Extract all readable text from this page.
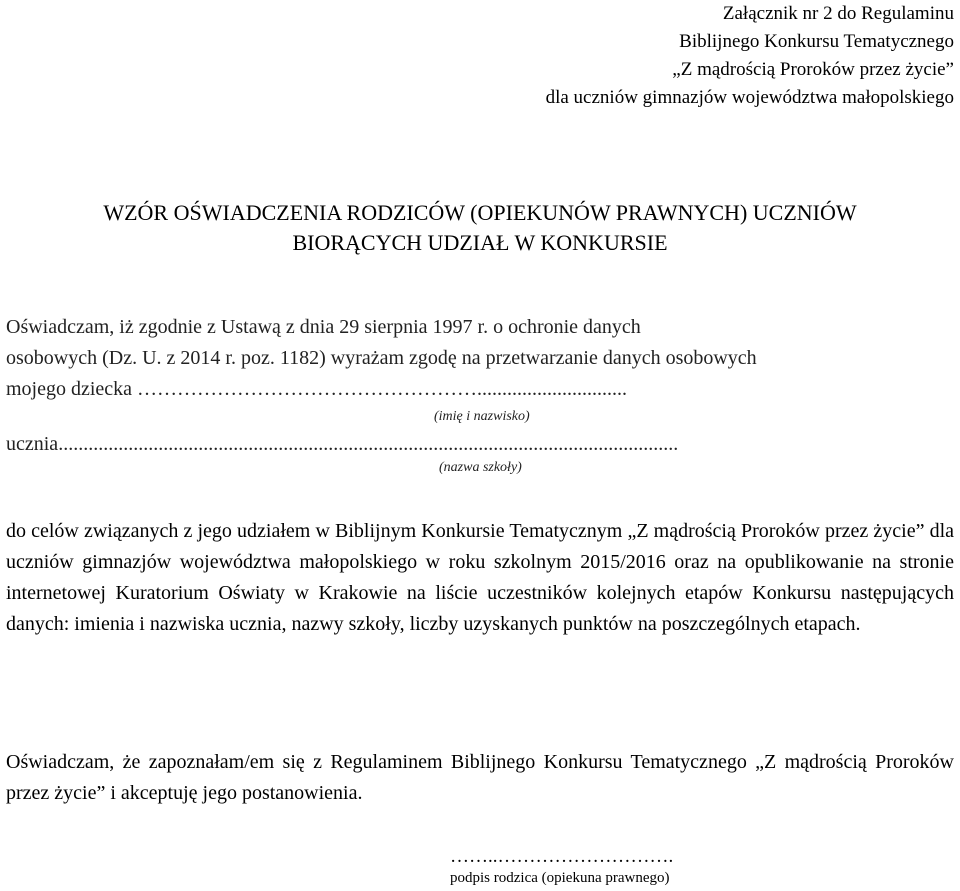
Załącznik nr 2 do Regulaminu
Biblijnego Konkursu Tematycznego
„Z mądrością Proroków przez życie”
dla uczniów gimnazjów województwa małopolskiego
WZÓR OŚWIADCZENIA RODZICÓW (OPIEKUNÓW PRAWNYCH) UCZNIÓW
BIORĄCYCH UDZIAŁ W KONKURSIE
Oświadczam, iż zgodnie z Ustawą z dnia 29 sierpnia 1997 r. o ochronie danych
osobowych (Dz. U. z 2014 r. poz. 1182) wyrażam zgodę na przetwarzanie danych osobowych
mojego dziecka ……………………………………………..............................
(imię i nazwisko)
ucznia............................................................................................................................
(nazwa szkoły)
do celów związanych z jego udziałem w Biblijnym Konkursie Tematycznym „Z mądrością Proroków przez życie” dla uczniów gimnazjów województwa małopolskiego w roku szkolnym 2015/2016 oraz na opublikowanie na stronie internetowej Kuratorium Oświaty w Krakowie na liście uczestników kolejnych etapów Konkursu następujących danych: imienia i nazwiska ucznia, nazwy szkoły, liczby uzyskanych punktów na poszczególnych etapach.
Oświadczam, że zapoznałam/em się z Regulaminem Biblijnego Konkursu Tematycznego „Z mądrością Proroków przez życie” i akceptuję jego postanowienia.
……..……………………….
podpis rodzica (opiekuna prawnego)
